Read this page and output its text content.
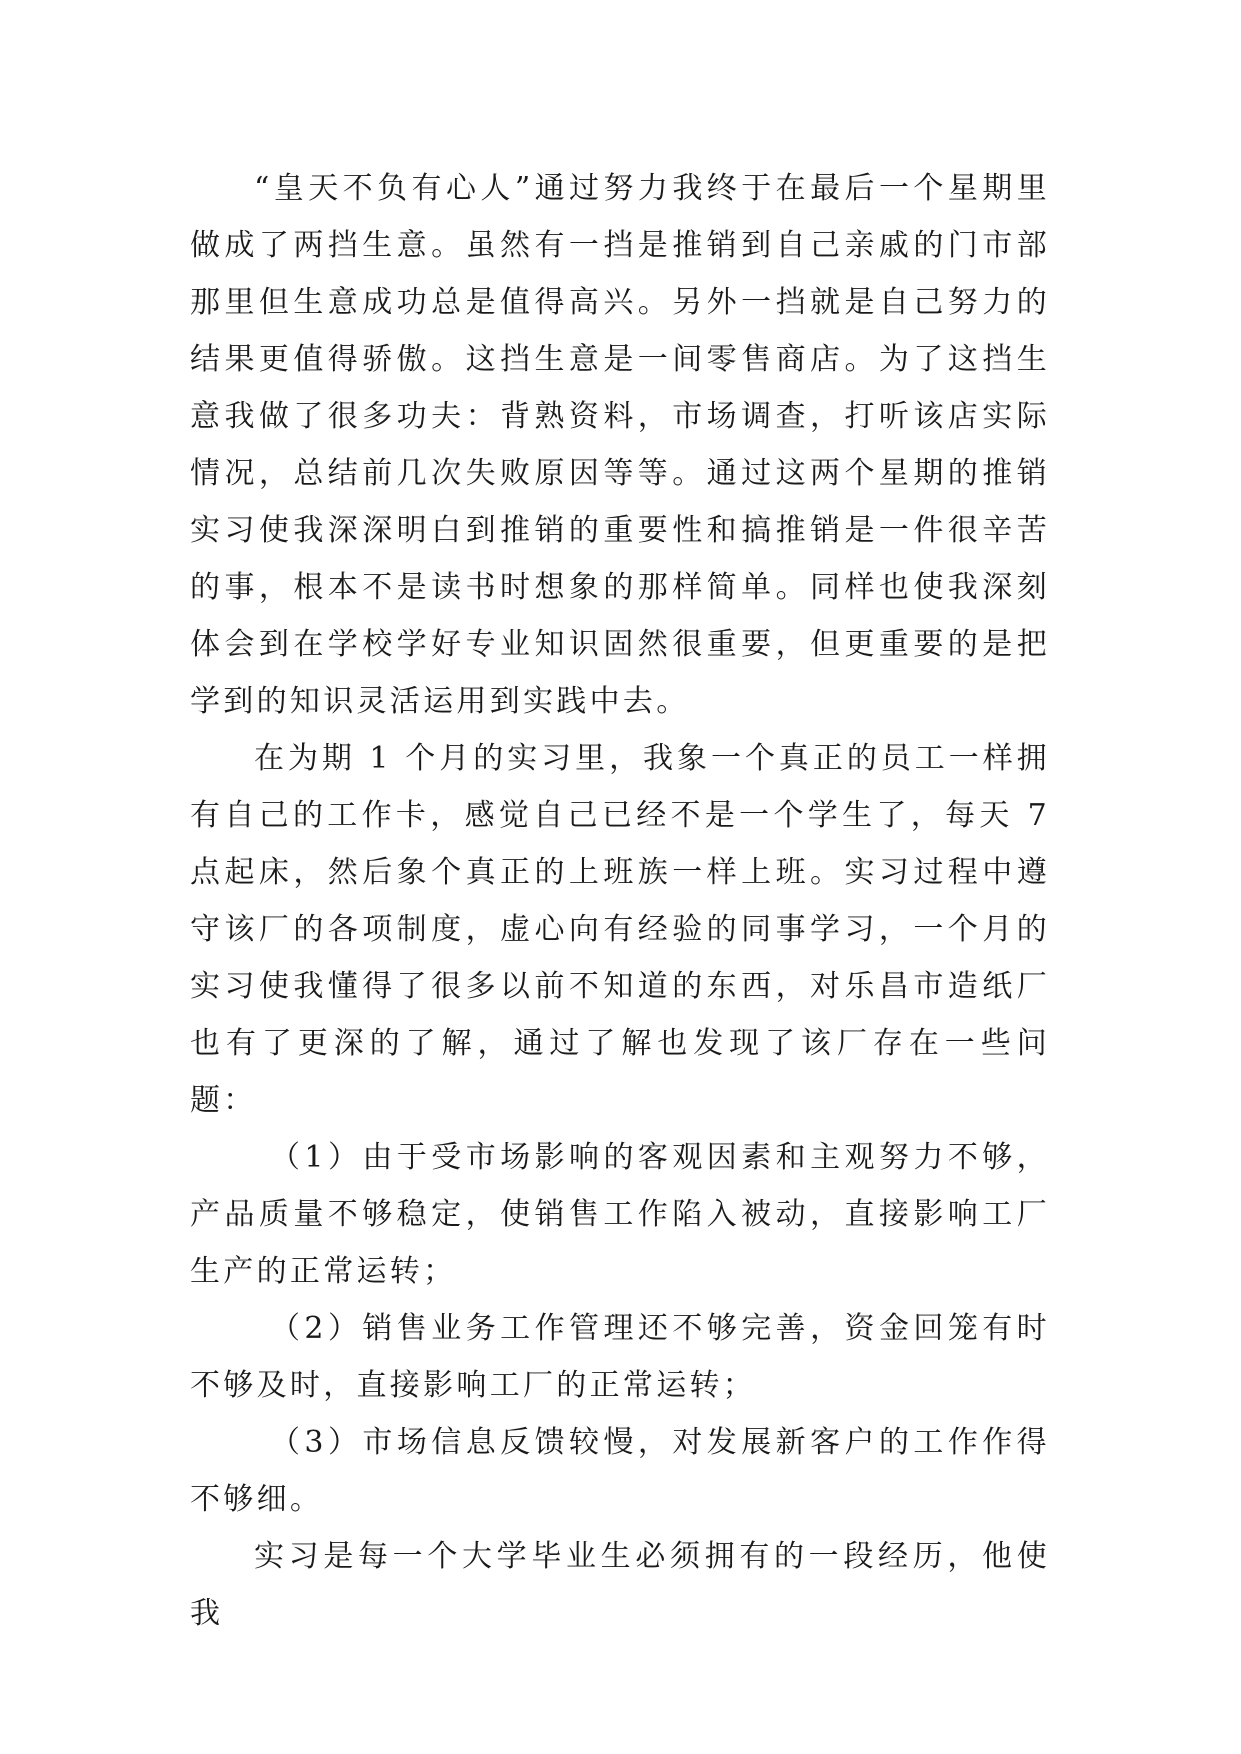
“皇天不负有心人”通过努力我终于在最后一个星期里做成了两挡生意。虽然有一挡是推销到自己亲戚的门市部那里但生意成功总是值得高兴。另外一挡就是自己努力的结果更值得骄傲。这挡生意是一间零售商店。为了这挡生意我做了很多功夫：背熟资料，市场调查，打听该店实际情况，总结前几次失败原因等等。通过这两个星期的推销实习使我深深明白到推销的重要性和搞推销是一件很辛苦的事，根本不是读书时想象的那样简单。同样也使我深刻体会到在学校学好专业知识固然很重要，但更重要的是把学到的知识灵活运用到实践中去。

在为期 1 个月的实习里，我象一个真正的员工一样拥有自己的工作卡，感觉自己已经不是一个学生了，每天 7 点起床，然后象个真正的上班族一样上班。实习过程中遵守该厂的各项制度，虚心向有经验的同事学习，一个月的实习使我懂得了很多以前不知道的东西，对乐昌市造纸厂也有了更深的了解，通过了解也发现了该厂存在一些问题：

（1）由于受市场影响的客观因素和主观努力不够，产品质量不够稳定，使销售工作陷入被动，直接影响工厂生产的正常运转；

（2）销售业务工作管理还不够完善，资金回笼有时不够及时，直接影响工厂的正常运转；

（3）市场信息反馈较慢，对发展新客户的工作作得不够细。

实习是每一个大学毕业生必须拥有的一段经历，他使我
